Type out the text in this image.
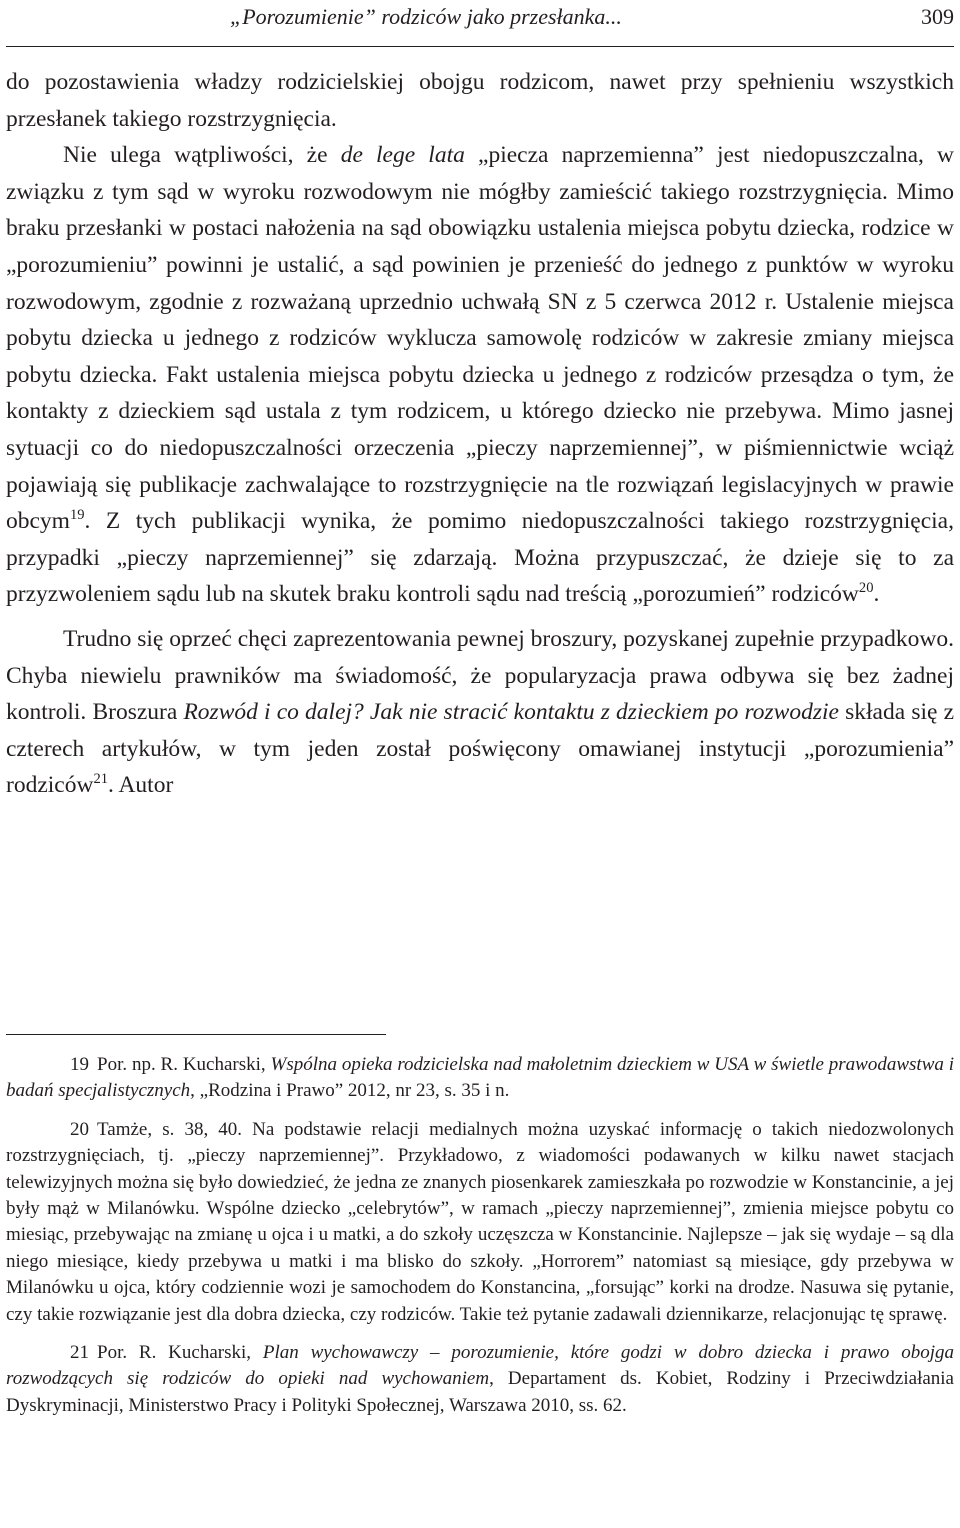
„Porozumienie” rodziców jako przesłanka...	309

do pozostawienia władzy rodzicielskiej obojgu rodzicom, nawet przy spełnieniu wszystkich przesłanek takiego rozstrzygnięcia.

Nie ulega wątpliwości, że de lege lata „piecza naprzemienna” jest niedopuszczalna, w związku z tym sąd w wyroku rozwodowym nie mógłby zamieścić takiego rozstrzygnięcia. Mimo braku przesłanki w postaci nałożenia na sąd obowiązku ustalenia miejsca pobytu dziecka, rodzice w „porozumieniu” powinni je ustalić, a sąd powinien je przenieść do jednego z punktów w wyroku rozwodowym, zgodnie z rozważaną uprzednio uchwałą SN z 5 czerwca 2012 r. Ustalenie miejsca pobytu dziecka u jednego z rodziców wyklucza samowolę rodziców w zakresie zmiany miejsca pobytu dziecka. Fakt ustalenia miejsca pobytu dziecka u jednego z rodziców przesądza o tym, że kontakty z dzieckiem sąd ustala z tym rodzicem, u którego dziecko nie przebywa. Mimo jasnej sytuacji co do niedopuszczalności orzeczenia „pieczy naprzemiennej”, w piśmiennictwie wciąż pojawiają się publikacje zachwalające to rozstrzygnięcie na tle rozwiązań legislacyjnych w prawie obcym$^{19}$. Z tych publikacji wynika, że pomimo niedopuszczalności takiego rozstrzygnięcia, przypadki „pieczy naprzemiennej” się zdarzają. Można przypuszczać, że dzieje się to za przyzwoleniem sądu lub na skutek braku kontroli sądu nad treścią „porozumień” rodziców$^{20}$.

Trudno się oprzeć chęci zaprezentowania pewnej broszury, pozyskanej zupełnie przypadkowo. Chyba niewielu prawników ma świadomość, że popularyzacja prawa odbywa się bez żadnej kontroli. Broszura Rozwód i co dalej? Jak nie stracić kontaktu z dzieckiem po rozwodzie składa się z czterech artykułów, w tym jeden został poświęcony omawianej instytucji „porozumienia” rodziców$^{21}$. Autor

19 Por. np. R. Kucharski, Wspólna opieka rodzicielska nad małoletnim dzieckiem w USA w świetle prawodawstwa i badań specjalistycznych, „Rodzina i Prawo” 2012, nr 23, s. 35 i n.

20 Tamże, s. 38, 40. Na podstawie relacji medialnych można uzyskać informację o takich niedozwolonych rozstrzygnięciach, tj. „pieczy naprzemiennej”. Przykładowo, z wiadomości podawanych w kilku nawet stacjach telewizyjnych można się było dowiedzieć, że jedna ze znanych piosenkarek zamieszkała po rozwodzie w Konstancinie, a jej były mąż w Milanówku. Wspólne dziecko „celebrytów”, w ramach „pieczy naprzemiennej”, zmienia miejsce pobytu co miesiąc, przebywając na zmianę u ojca i u matki, a do szkoły uczęszcza w Konstancinie. Najlepsze – jak się wydaje – są dla niego miesiące, kiedy przebywa u matki i ma blisko do szkoły. „Horrorem” natomiast są miesiące, gdy przebywa w Milanówku u ojca, który codziennie wozi je samochodem do Konstancina, „forsując” korki na drodze. Nasuwa się pytanie, czy takie rozwiązanie jest dla dobra dziecka, czy rodziców. Takie też pytanie zadawali dziennikarze, relacjonując tę sprawę.

21 Por. R. Kucharski, Plan wychowawczy – porozumienie, które godzi w dobro dziecka i prawo obojga rozwodzących się rodziców do opieki nad wychowaniem, Departament ds. Kobiet, Rodziny i Przeciwdziałania Dyskryminacji, Ministerstwo Pracy i Polityki Społecznej, Warszawa 2010, ss. 62.
